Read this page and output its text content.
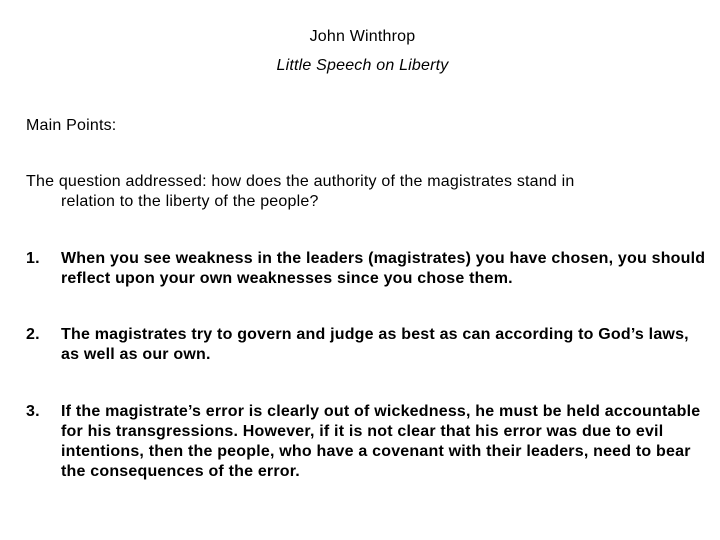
John Winthrop
Little Speech on Liberty
Main Points:
The question addressed: how does the authority of the magistrates stand in
relation to the liberty of the people?
1. When you see weakness in the leaders (magistrates) you have chosen, you should reflect upon your own weaknesses since you chose them.
2. The magistrates try to govern and judge as best as can according to God’s laws, as well as our own.
3. If the magistrate’s error is clearly out of wickedness, he must be held accountable for his transgressions. However, if it is not clear that his error was due to evil intentions, then the people, who have a covenant with their leaders, need to bear the consequences of the error.
